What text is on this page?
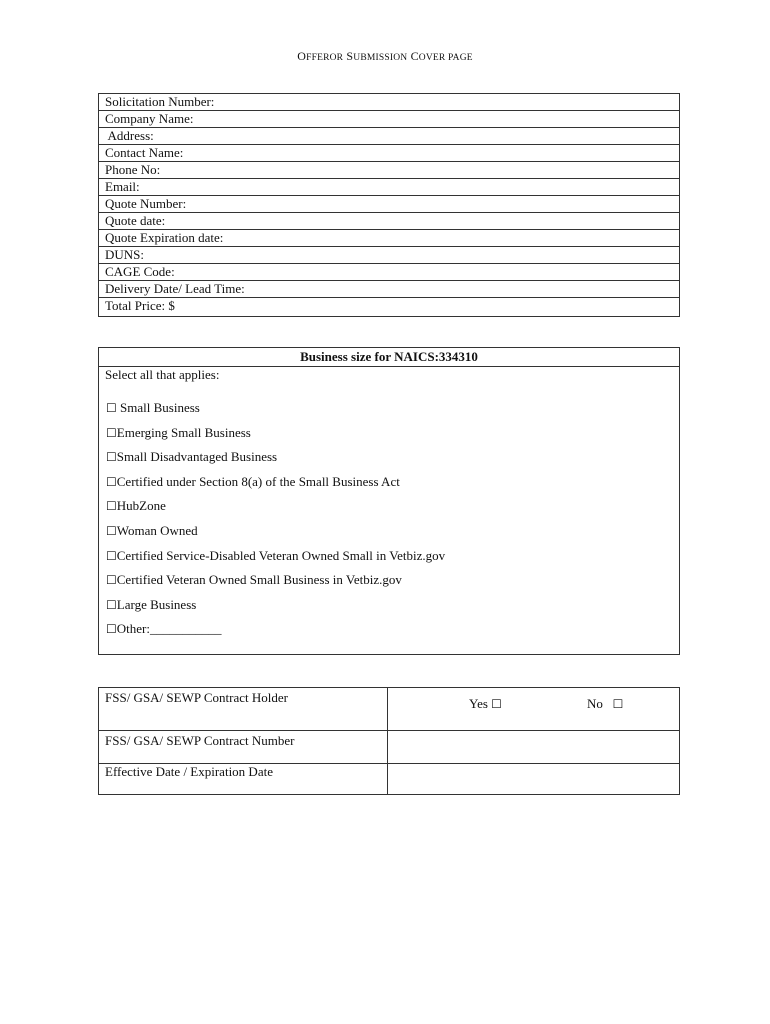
OFFEROR SUBMISSION COVER PAGE
Solicitation Number:
Company Name:
Address:
Contact Name:
Phone No:
Email:
Quote Number:
Quote date:
Quote Expiration date:
DUNS:
CAGE Code:
Delivery Date/ Lead Time:
Total Price: $
Business size for NAICS:334310
Select all that applies:
☐ Small Business
☐Emerging Small Business
☐Small Disadvantaged Business
☐Certified under Section 8(a) of the Small Business Act
☐HubZone
☐Woman Owned
☐Certified Service-Disabled Veteran Owned Small in Vetbiz.gov
☐Certified Veteran Owned Small Business in Vetbiz.gov
☐Large Business
☐Other:___________
FSS/ GSA/ SEWP Contract Holder	Yes ☐	No ☐
FSS/ GSA/ SEWP Contract Number
Effective Date / Expiration Date
